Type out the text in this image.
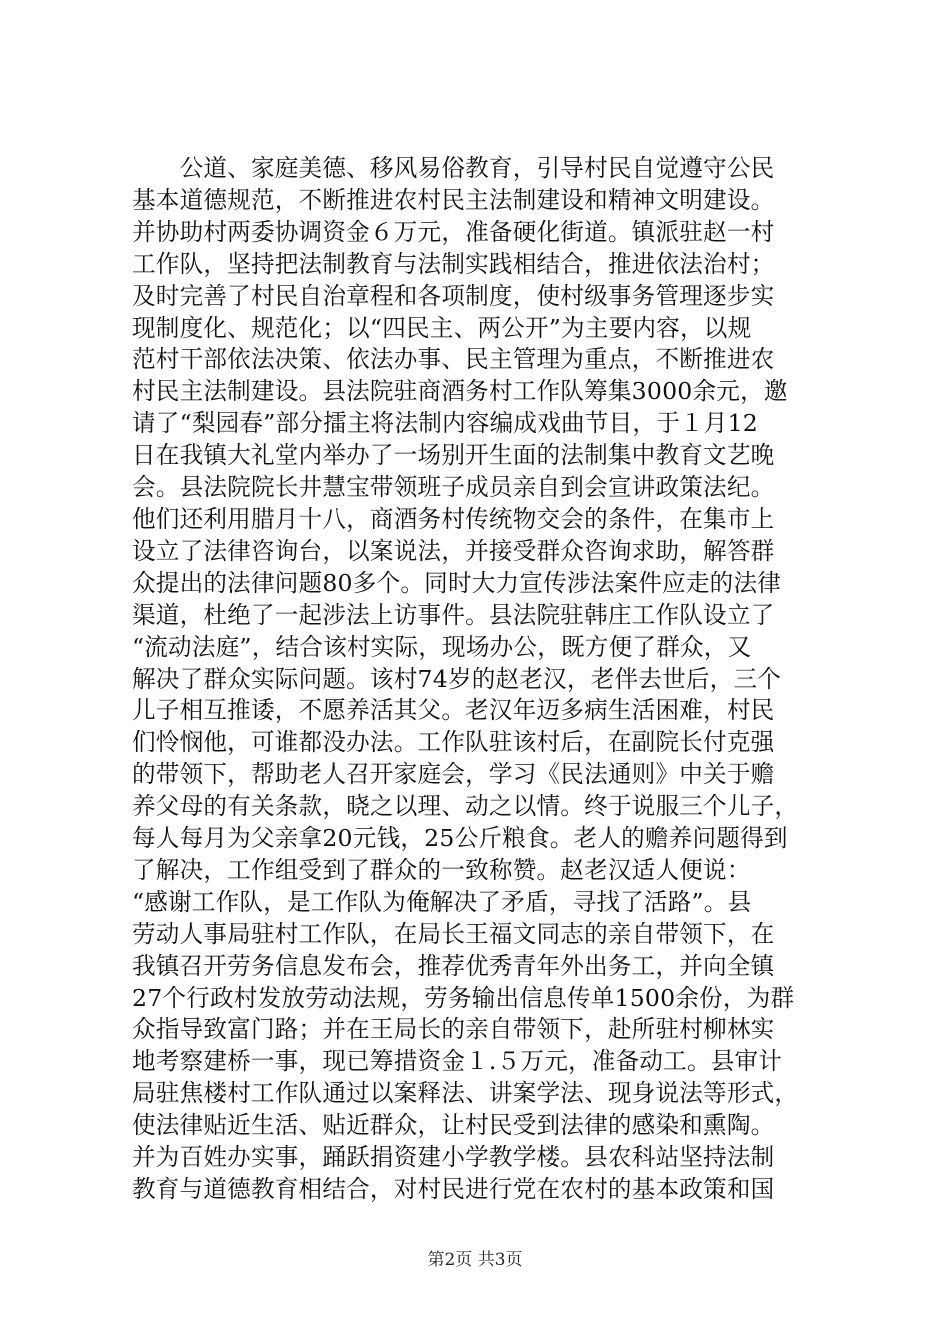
　　公道、家庭美德、移风易俗教育，引导村民自觉遵守公民
基本道德规范，不断推进农村民主法制建设和精神文明建设。
并协助村两委协调资金６万元，准备硬化街道。镇派驻赵一村
工作队，坚持把法制教育与法制实践相结合，推进依法治村；
及时完善了村民自治章程和各项制度，使村级事务管理逐步实
现制度化、规范化；以“四民主、两公开”为主要内容，以规
范村干部依法决策、依法办事、民主管理为重点，不断推进农
村民主法制建设。县法院驻商酒务村工作队筹集3000余元，邀
请了“梨园春”部分擂主将法制内容编成戏曲节目，于１月12
日在我镇大礼堂内举办了一场别开生面的法制集中教育文艺晚
会。县法院院长井慧宝带领班子成员亲自到会宣讲政策法纪。
他们还利用腊月十八，商酒务村传统物交会的条件，在集市上
设立了法律咨询台，以案说法，并接受群众咨询求助，解答群
众提出的法律问题80多个。同时大力宣传涉法案件应走的法律
渠道，杜绝了一起涉法上访事件。县法院驻韩庄工作队设立了
“流动法庭”，结合该村实际，现场办公，既方便了群众，又
解决了群众实际问题。该村74岁的赵老汉，老伴去世后，三个
儿子相互推诿，不愿养活其父。老汉年迈多病生活困难，村民
们怜悯他，可谁都没办法。工作队驻该村后，在副院长付克强
的带领下，帮助老人召开家庭会，学习《民法通则》中关于赡
养父母的有关条款，晓之以理、动之以情。终于说服三个儿子，
每人每月为父亲拿20元钱，25公斤粮食。老人的赡养问题得到
了解决，工作组受到了群众的一致称赞。赵老汉适人便说：
“感谢工作队，是工作队为俺解决了矛盾，寻找了活路”。县
劳动人事局驻村工作队，在局长王福文同志的亲自带领下，在
我镇召开劳务信息发布会，推荐优秀青年外出务工，并向全镇
27个行政村发放劳动法规，劳务输出信息传单1500余份，为群
众指导致富门路；并在王局长的亲自带领下，赴所驻村柳林实
地考察建桥一事，现已筹措资金１.５万元，准备动工。县审计
局驻焦楼村工作队通过以案释法、讲案学法、现身说法等形式，
使法律贴近生活、贴近群众，让村民受到法律的感染和熏陶。
并为百姓办实事，踊跃捐资建小学教学楼。县农科站坚持法制
教育与道德教育相结合，对村民进行党在农村的基本政策和国
第2页 共3页
